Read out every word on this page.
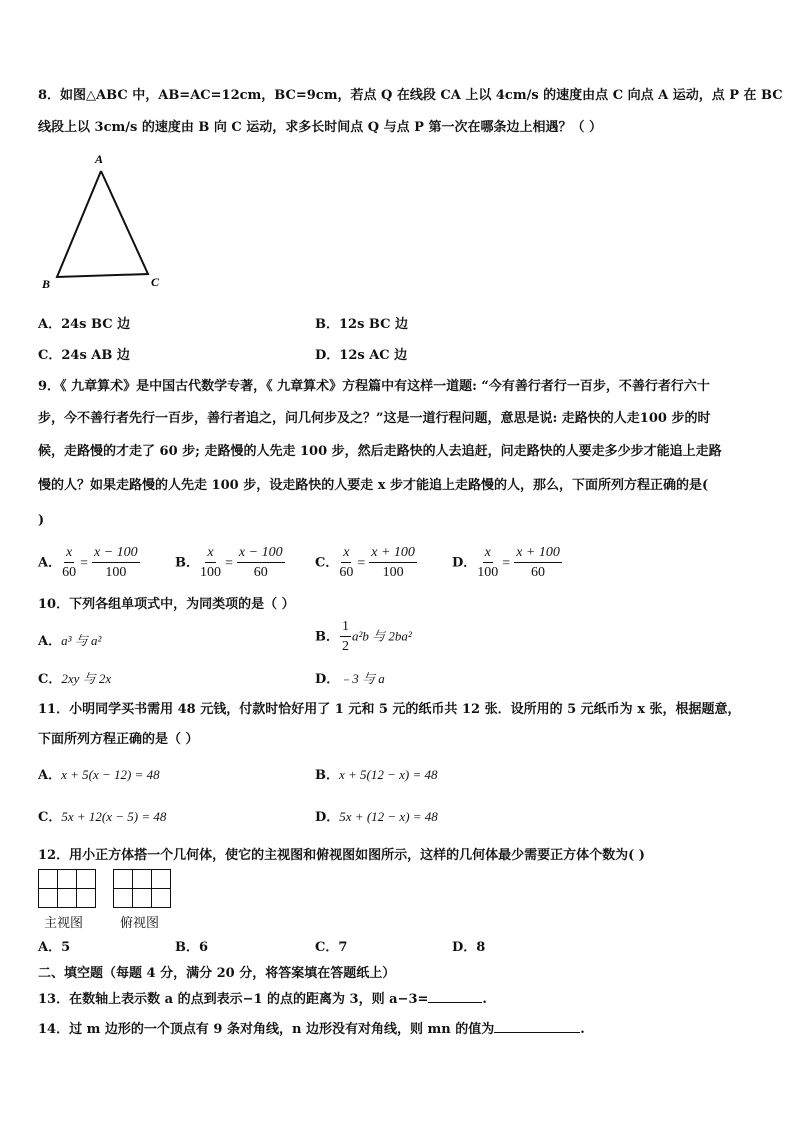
8．如图△ABC 中，AB=AC=12cm，BC=9cm，若点 Q 在线段 CA 上以 4cm/s 的速度由点 C 向点 A 运动，点 P 在 BC
线段上以 3cm/s 的速度由 B 向 C 运动，求多长时间点 Q 与点 P 第一次在哪条边上相遇？（ ）
A
B	C
A．24s BC 边	B．12s BC 边
C．24s AB 边	D．12s AC 边
9．《 九章算术》是中国古代数学专著，《 九章算术》方程篇中有这样一道题: “今有善行者行一百步，不善行者行六十
步，今不善行者先行一百步，善行者追之，问几何步及之？”这是一道行程问题，意思是说: 走路快的人走100 步的时
候，走路慢的才走了 60 步; 走路慢的人先走 100 步，然后走路快的人去追赶，问走路快的人要走多少步才能追上走路
慢的人？如果走路慢的人先走 100 步，设走路快的人要走 x 步才能追上走路慢的人，那么，下面所列方程正确的是(
)
A． $\frac{x}{60} = \frac{x - 100}{100}$	B． $\frac{x}{100} = \frac{x - 100}{60}$ C． $\frac{x}{60} = \frac{x + 100}{100}$	D． $\frac{x}{100} = \frac{x + 100}{60}$
10．下列各组单项式中，为同类项的是（ ）
A．a³ 与 a²	B． $\frac{1}{2} a^2b$ 与 2ba²
C．2xy 与 2x	D．﹣3 与 a
11．小明同学买书需用 48 元钱，付款时恰好用了 1 元和 5 元的纸币共 12 张．设所用的 5 元纸币为 x 张，根据题意，
下面所列方程正确的是（ ）
A．x + 5(x − 12) = 48	B．x + 5(12 − x) = 48
C．5x + 12(x − 5) = 48	D．5x + (12 − x) = 48
12．用小正方体搭一个几何体，使它的主视图和俯视图如图所示，这样的几何体最少需要正方体个数为( )
主视图	俯视图
A．5	B．6	C．7	D．8
二、填空题（每题 4 分，满分 20 分，将答案填在答题纸上）
13．在数轴上表示数 a 的点到表示−1 的点的距离为 3，则 a−3=	.
14．过 m 边形的一个顶点有 9 条对角线，n 边形没有对角线，则 mn 的值为	.
